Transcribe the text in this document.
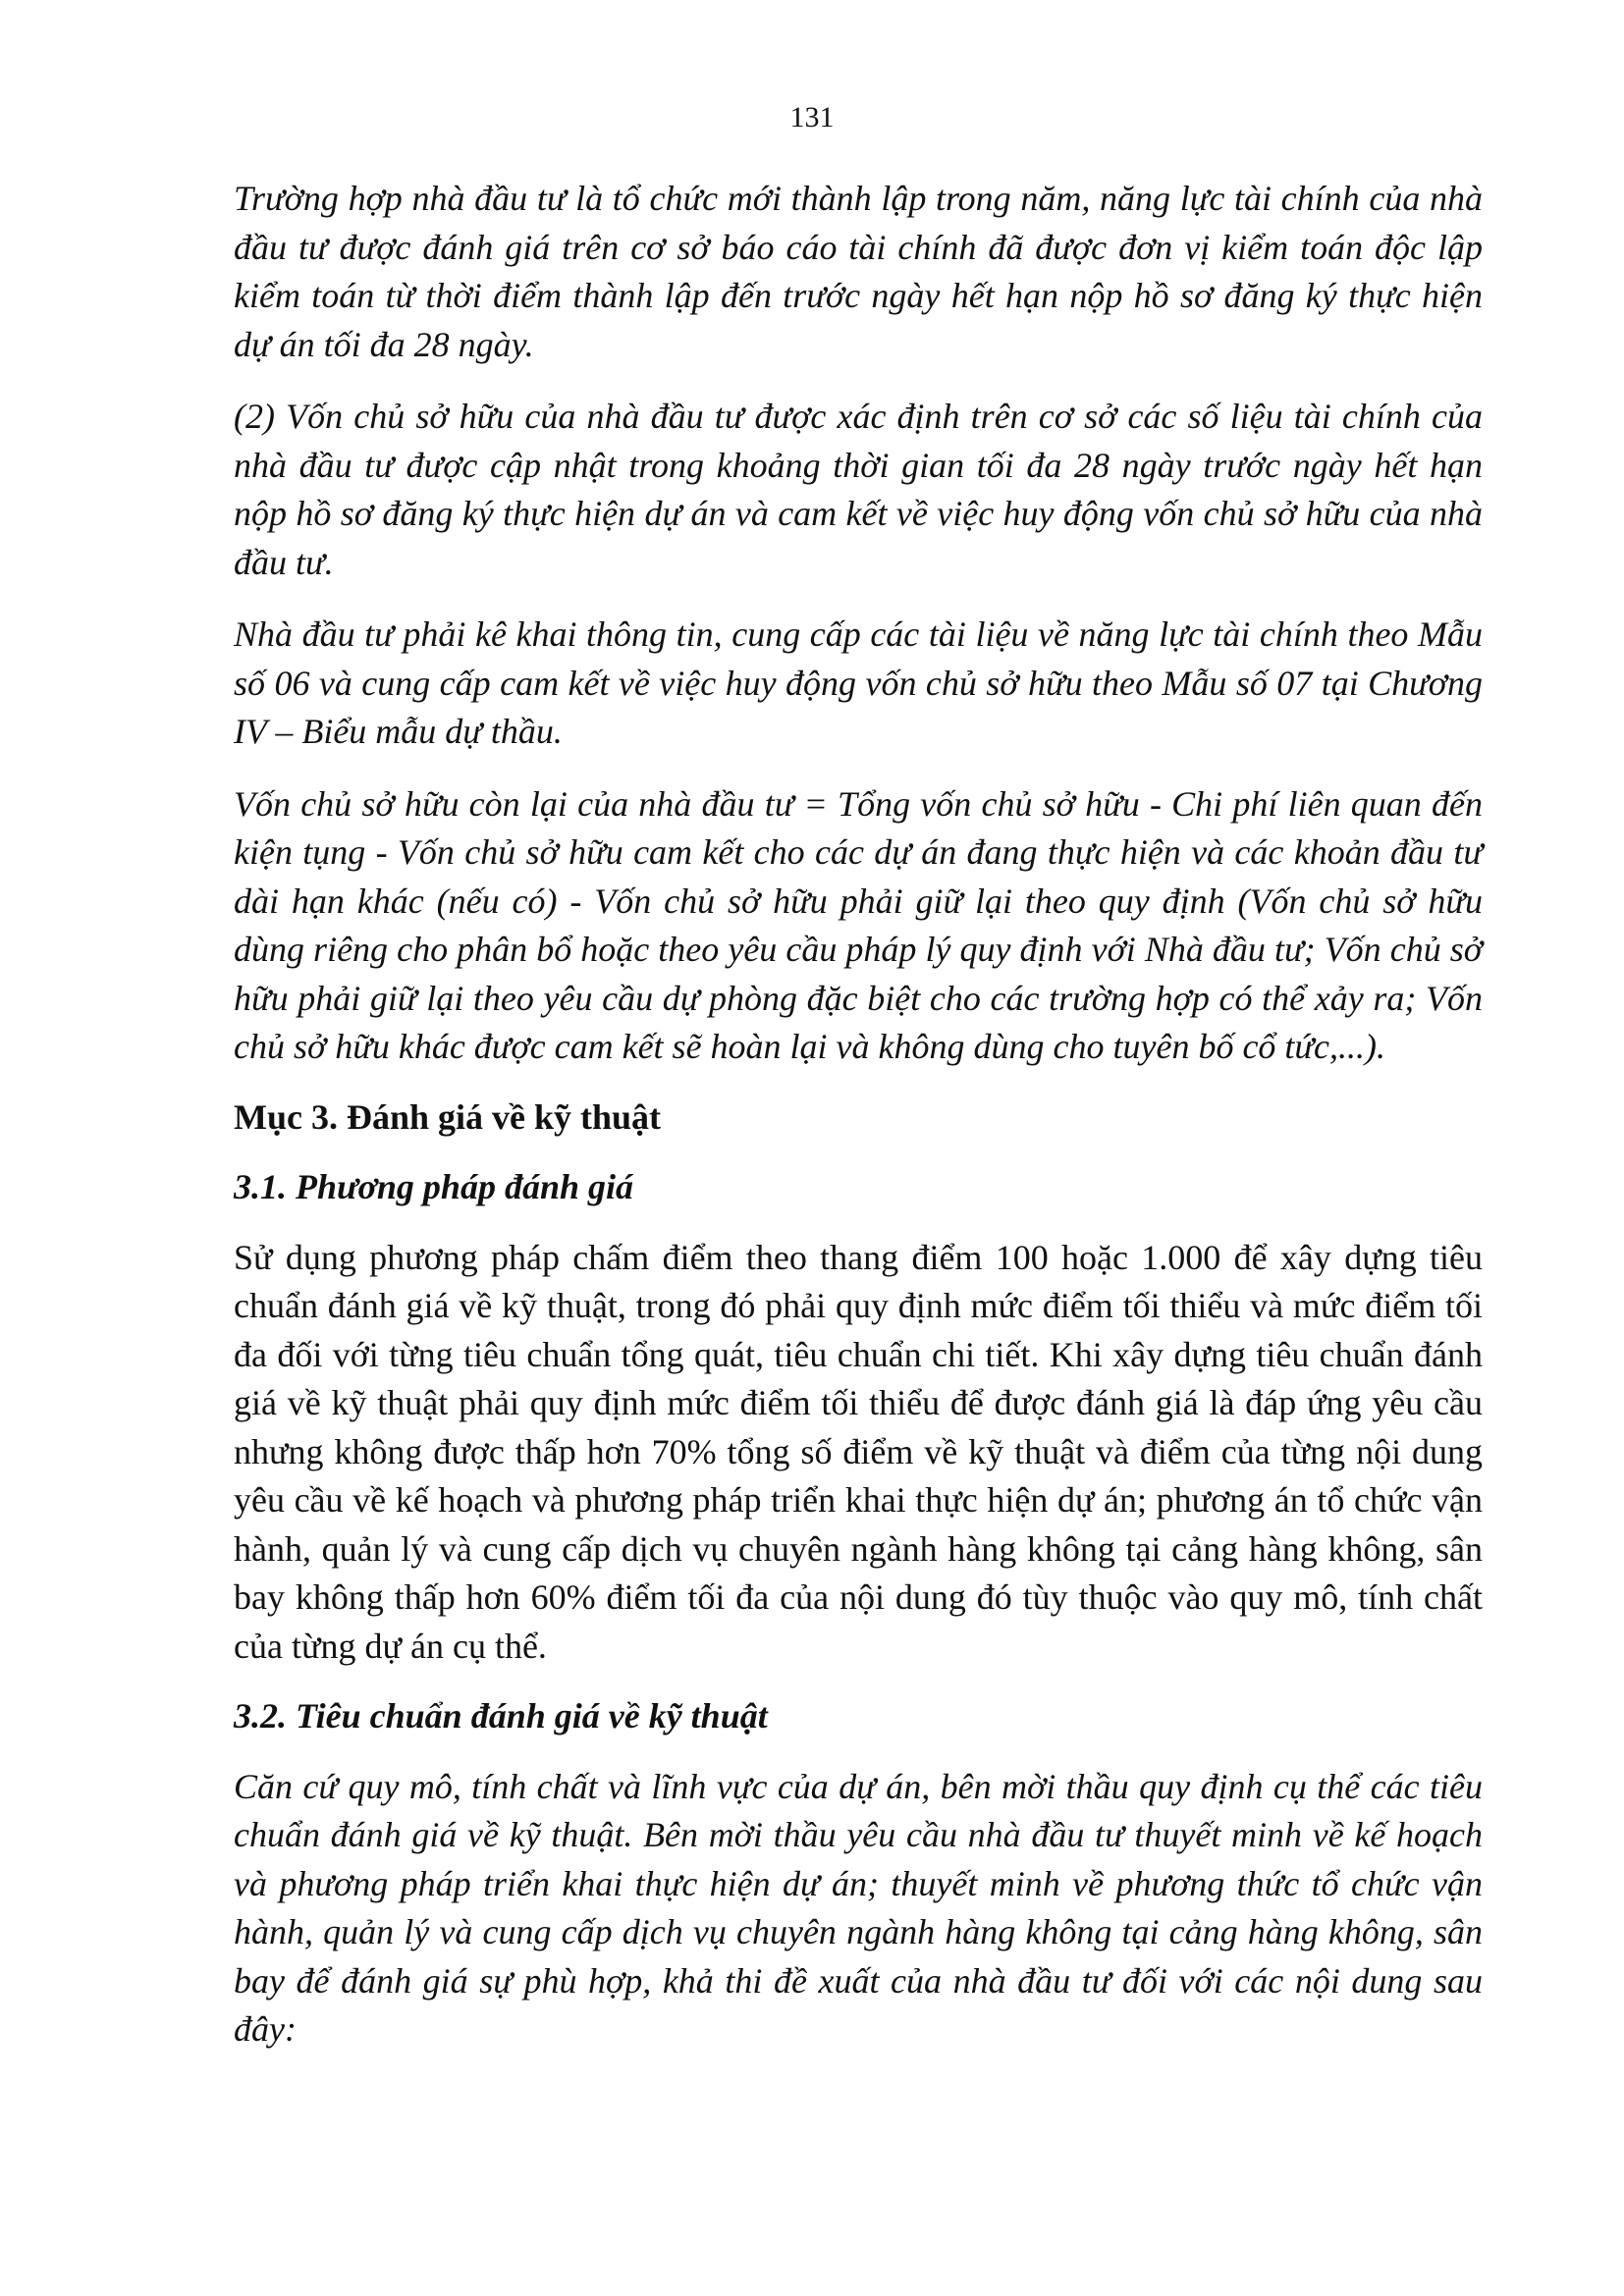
131

Trường hợp nhà đầu tư là tổ chức mới thành lập trong năm, năng lực tài chính của nhà đầu tư được đánh giá trên cơ sở báo cáo tài chính đã được đơn vị kiểm toán độc lập kiểm toán từ thời điểm thành lập đến trước ngày hết hạn nộp hồ sơ đăng ký thực hiện dự án tối đa 28 ngày.

(2) Vốn chủ sở hữu của nhà đầu tư được xác định trên cơ sở các số liệu tài chính của nhà đầu tư được cập nhật trong khoảng thời gian tối đa 28 ngày trước ngày hết hạn nộp hồ sơ đăng ký thực hiện dự án và cam kết về việc huy động vốn chủ sở hữu của nhà đầu tư.

Nhà đầu tư phải kê khai thông tin, cung cấp các tài liệu về năng lực tài chính theo Mẫu số 06 và cung cấp cam kết về việc huy động vốn chủ sở hữu theo Mẫu số 07 tại Chương IV – Biểu mẫu dự thầu.

Vốn chủ sở hữu còn lại của nhà đầu tư = Tổng vốn chủ sở hữu - Chi phí liên quan đến kiện tụng - Vốn chủ sở hữu cam kết cho các dự án đang thực hiện và các khoản đầu tư dài hạn khác (nếu có) - Vốn chủ sở hữu phải giữ lại theo quy định (Vốn chủ sở hữu dùng riêng cho phân bổ hoặc theo yêu cầu pháp lý quy định với Nhà đầu tư; Vốn chủ sở hữu phải giữ lại theo yêu cầu dự phòng đặc biệt cho các trường hợp có thể xảy ra; Vốn chủ sở hữu khác được cam kết sẽ hoàn lại và không dùng cho tuyên bố cổ tức,...).

Mục 3. Đánh giá về kỹ thuật
3.1. Phương pháp đánh giá

Sử dụng phương pháp chấm điểm theo thang điểm 100 hoặc 1.000 để xây dựng tiêu chuẩn đánh giá về kỹ thuật, trong đó phải quy định mức điểm tối thiểu và mức điểm tối đa đối với từng tiêu chuẩn tổng quát, tiêu chuẩn chi tiết. Khi xây dựng tiêu chuẩn đánh giá về kỹ thuật phải quy định mức điểm tối thiểu để được đánh giá là đáp ứng yêu cầu nhưng không được thấp hơn 70% tổng số điểm về kỹ thuật và điểm của từng nội dung yêu cầu về kế hoạch và phương pháp triển khai thực hiện dự án; phương án tổ chức vận hành, quản lý và cung cấp dịch vụ chuyên ngành hàng không tại cảng hàng không, sân bay không thấp hơn 60% điểm tối đa của nội dung đó tùy thuộc vào quy mô, tính chất của từng dự án cụ thể.

3.2. Tiêu chuẩn đánh giá về kỹ thuật

Căn cứ quy mô, tính chất và lĩnh vực của dự án, bên mời thầu quy định cụ thể các tiêu chuẩn đánh giá về kỹ thuật. Bên mời thầu yêu cầu nhà đầu tư thuyết minh về kế hoạch và phương pháp triển khai thực hiện dự án; thuyết minh về phương thức tổ chức vận hành, quản lý và cung cấp dịch vụ chuyên ngành hàng không tại cảng hàng không, sân bay để đánh giá sự phù hợp, khả thi đề xuất của nhà đầu tư đối với các nội dung sau đây:
